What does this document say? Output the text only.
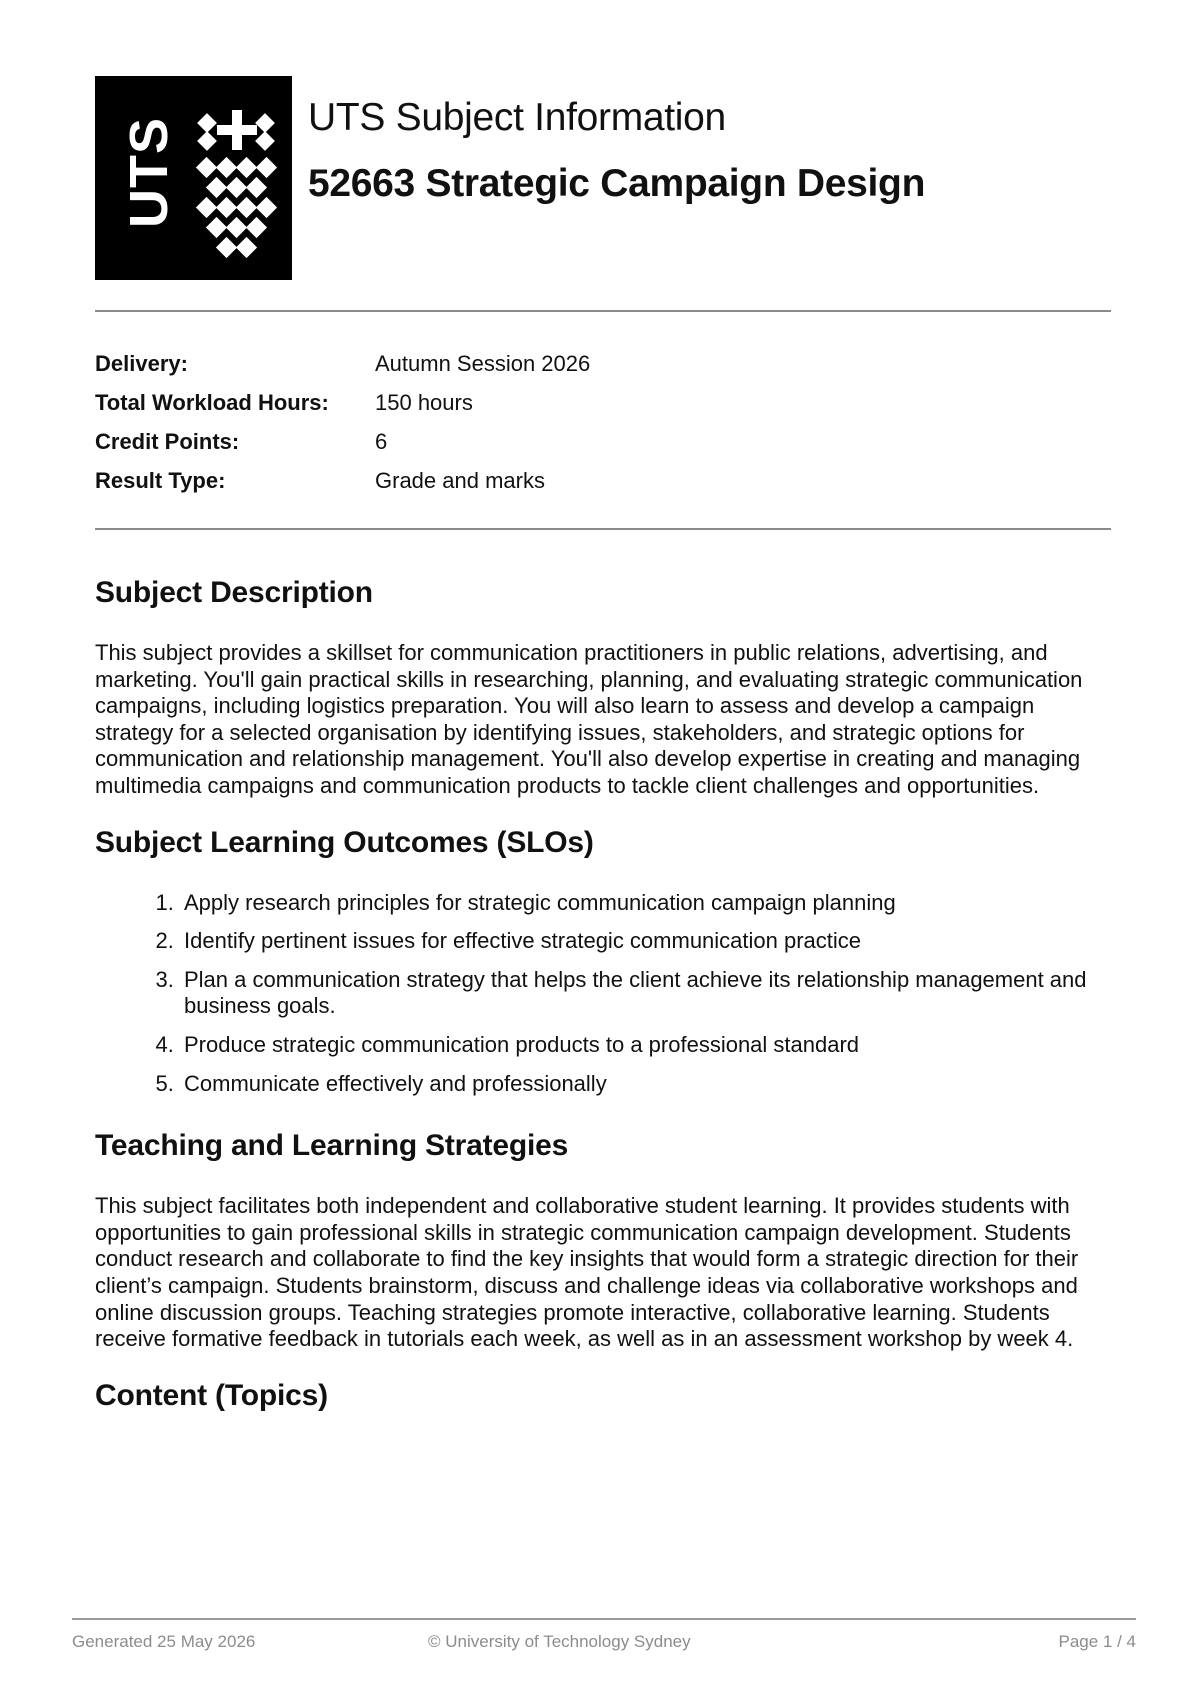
UTS	UTS Subject Information
52663 Strategic Campaign Design
Delivery:	Autumn Session 2026
Total Workload Hours:	150 hours
Credit Points:	6
Result Type:	Grade and marks
Subject Description

This subject provides a skillset for communication practitioners in public relations, advertising, and marketing. You'll gain practical skills in researching, planning, and evaluating strategic communication campaigns, including logistics preparation. You will also learn to assess and develop a campaign strategy for a selected organisation by identifying issues, stakeholders, and strategic options for communication and relationship management. You'll also develop expertise in creating and managing multimedia campaigns and communication products to tackle client challenges and opportunities.

Subject Learning Outcomes (SLOs)
1. Apply research principles for strategic communication campaign planning
2. Identify pertinent issues for effective strategic communication practice
3. Plan a communication strategy that helps the client achieve its relationship management and business goals.
4. Produce strategic communication products to a professional standard
5. Communicate effectively and professionally
Teaching and Learning Strategies

This subject facilitates both independent and collaborative student learning. It provides students with opportunities to gain professional skills in strategic communication campaign development. Students conduct research and collaborate to find the key insights that would form a strategic direction for their client’s campaign. Students brainstorm, discuss and challenge ideas via collaborative workshops and online discussion groups. Teaching strategies promote interactive, collaborative learning. Students receive formative feedback in tutorials each week, as well as in an assessment workshop by week 4.

Content (Topics)
Generated 25 May 2026	© University of Technology Sydney	Page 1 / 4
